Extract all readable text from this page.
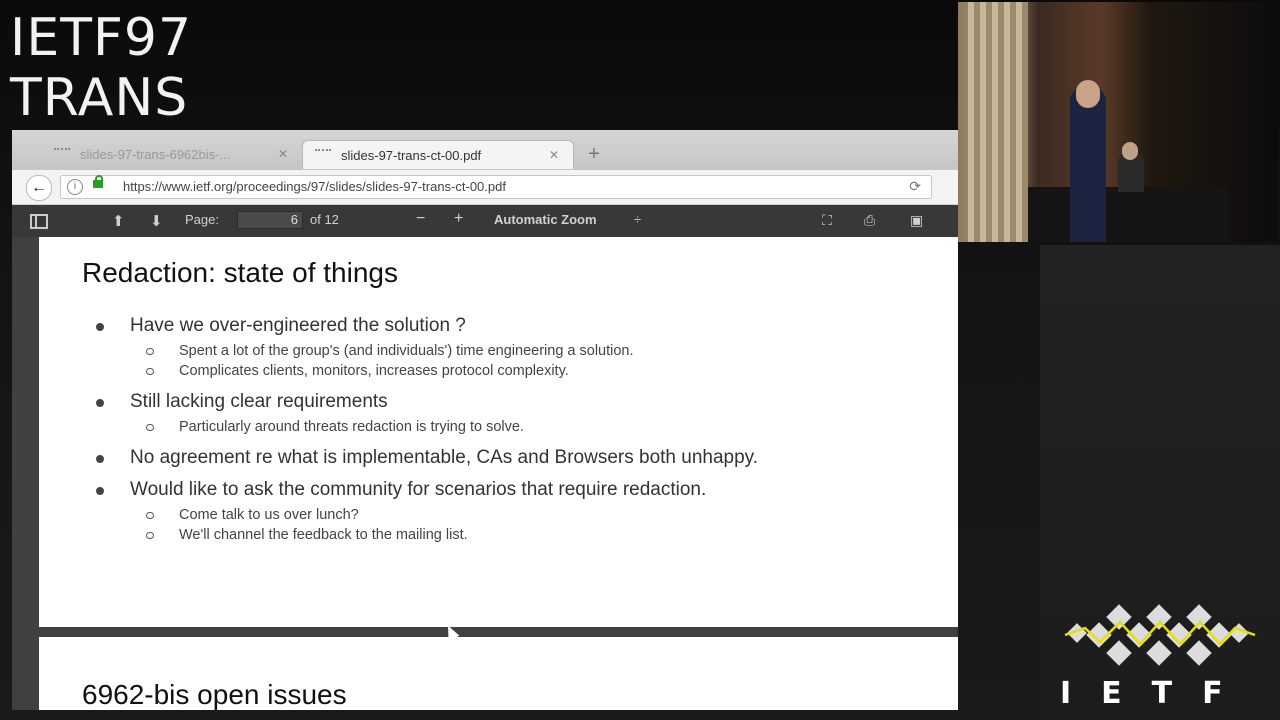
IETF97
TRANS
slides-97-trans-6962bis-...	✕	slides-97-trans-ct-00.pdf	✕ +
←	i	https://www.ietf.org/proceedings/97/slides/slides-97-trans-ct-00.pdf	⟳
⬆ ⬇ Page:	6 of 12	− + Automatic Zoom	÷	⛶ ⎙ ▣
Redaction: state of things
Have we over-engineered the solution ?
Spent a lot of the group's (and individuals') time engineering a solution.
Complicates clients, monitors, increases protocol complexity.
Still lacking clear requirements
Particularly around threats redaction is trying to solve.
No agreement re what is implementable, CAs and Browsers both unhappy.
Would like to ask the community for scenarios that require redaction.
Come talk to us over lunch?
We'll channel the feedback to the mailing list.
6962-bis open issues	IETF
